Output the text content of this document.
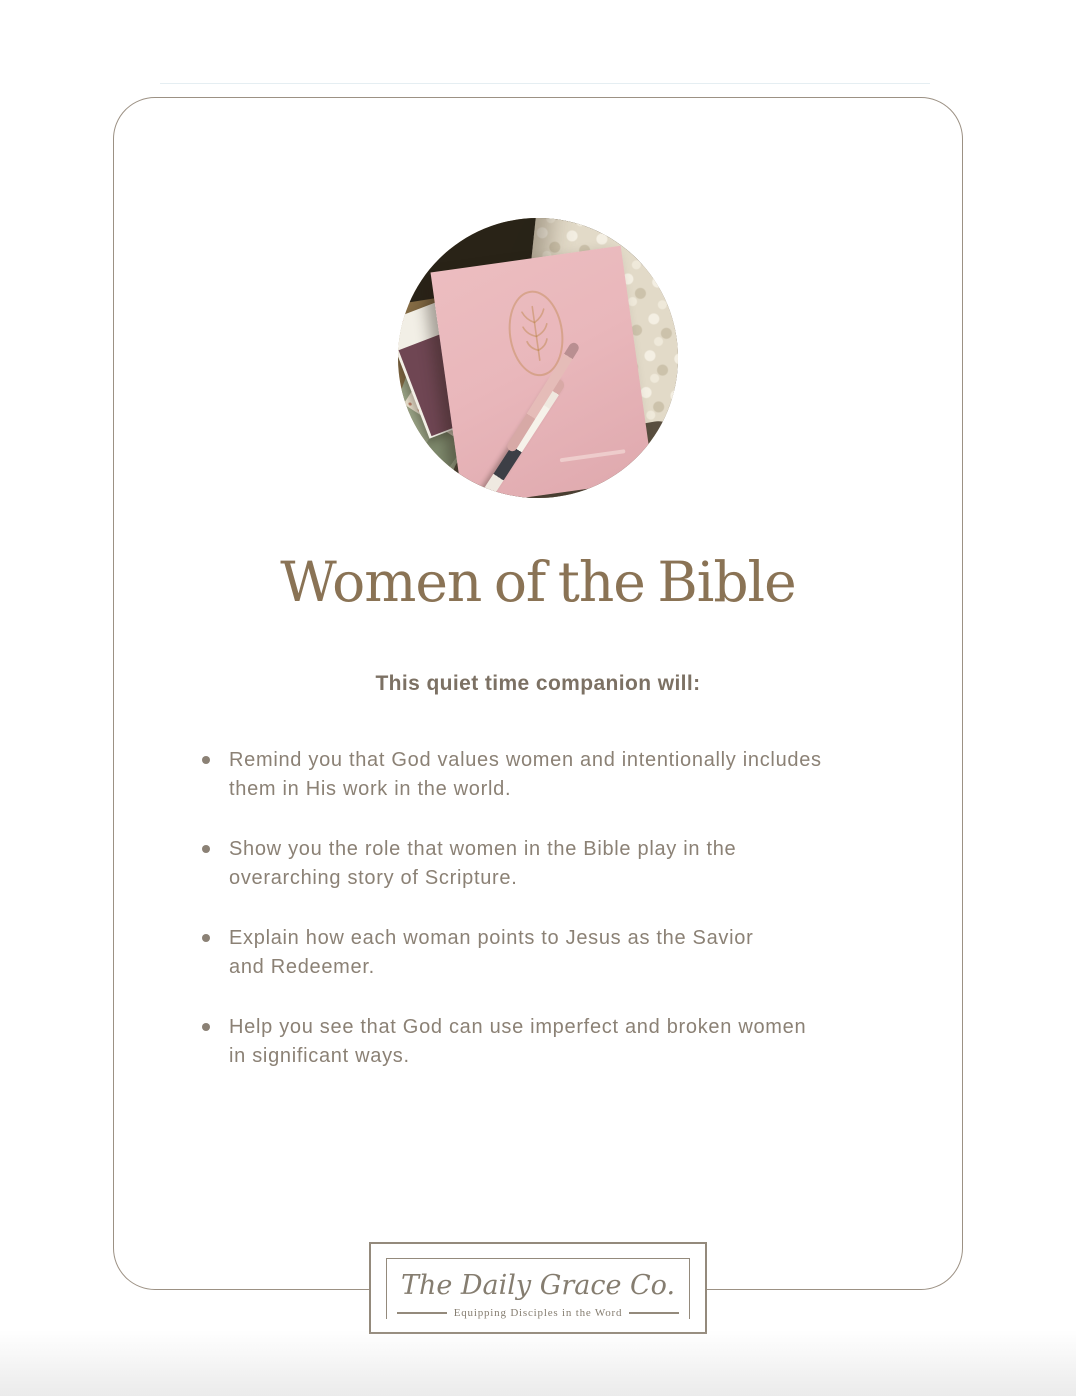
Women of the Bible

This quiet time companion will:

Remind you that God values women and intentionally includes them in His work in the world.
Show you the role that women in the Bible play in the overarching story of Scripture.
Explain how each woman points to Jesus as the Savior and Redeemer.
Help you see that God can use imperfect and broken women in significant ways.
The Daily Grace Co.
Equipping Disciples in the Word
